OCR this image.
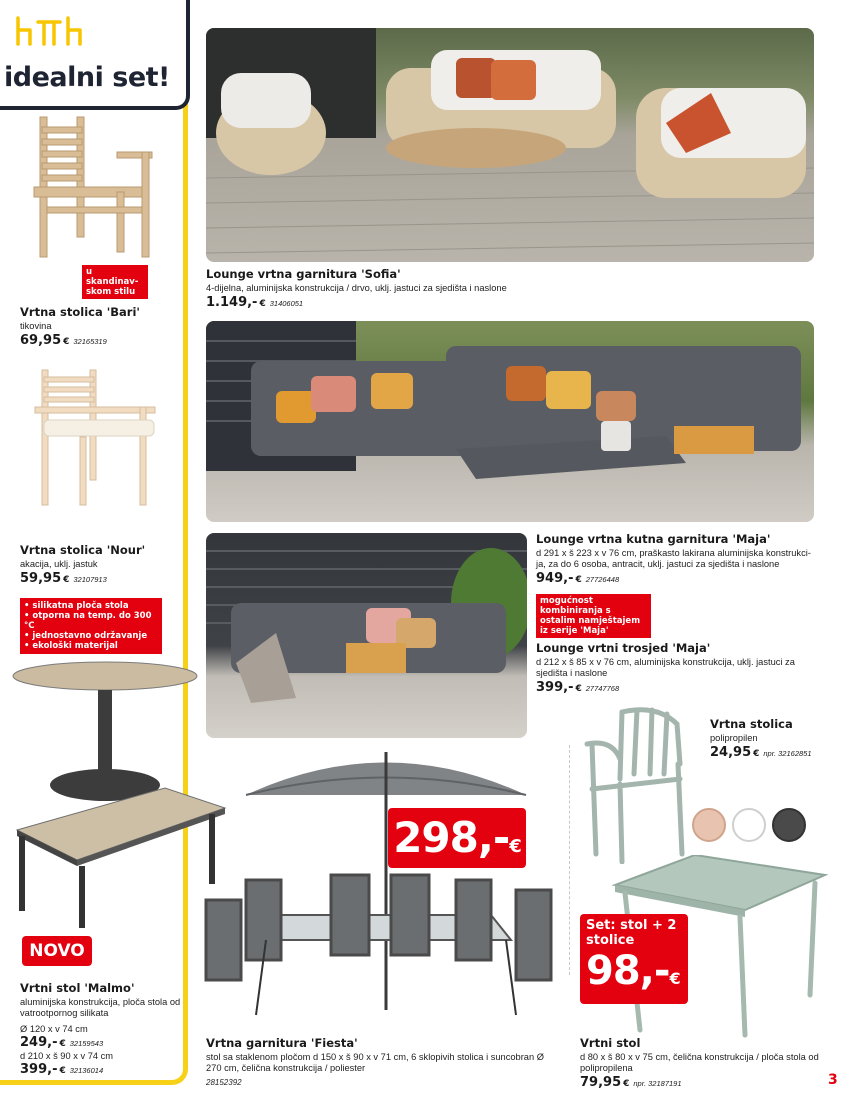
idealni set!
u skandinav-skom stilu
Vrtna stolica 'Bari'
tikovina
69,95 € 32165319
Vrtna stolica 'Nour'
akacija, uklj. jastuk
59,95 € 32107913
• silikatna ploča stola
• otporna na temp. do 300 °C
• jednostavno održavanje
• ekološki materijal
NOVO
Vrtni stol 'Malmo'
aluminijska konstrukcija, ploča stola od vatrootpornog silikata
Ø 120 x v 74 cm
249,- € 32159543
d 210 x š 90 x v 74 cm
399,- € 32136014
Lounge vrtna garnitura 'Sofia'
4-dijelna, aluminijska konstrukcija / drvo, uklj. jastuci za sjedišta i naslone
1.149,- € 31406051
Lounge vrtna kutna garnitura 'Maja'
d 291 x š 223 x v 76 cm, praškasto lakirana aluminijska konstrukci-ja, za do 6 osoba, antracit, uklj. jastuci za sjedišta i naslone
949,- € 27726448
mogućnost kombiniranja s ostalim namještajem iz serije 'Maja'
Lounge vrtni trosjed 'Maja'
d 212 x š 85 x v 76 cm, aluminijska konstrukcija, uklj. jastuci za sjedišta i naslone
399,- € 27747768
Vrtna stolica
polipropilen
24,95 € npr. 32162851
298,-€
Vrtna garnitura 'Fiesta'
stol sa staklenom pločom d 150 x š 90 x v 71 cm, 6 sklopivih stolica i suncobran Ø 270 cm, čelična konstrukcija / poliester
28152392
Set: stol + 2 stolice
98,-€
Vrtni stol
d 80 x š 80 x v 75 cm, čelična konstrukcija / ploča stola od polipropilena
79,95 € npr. 32187191	3
